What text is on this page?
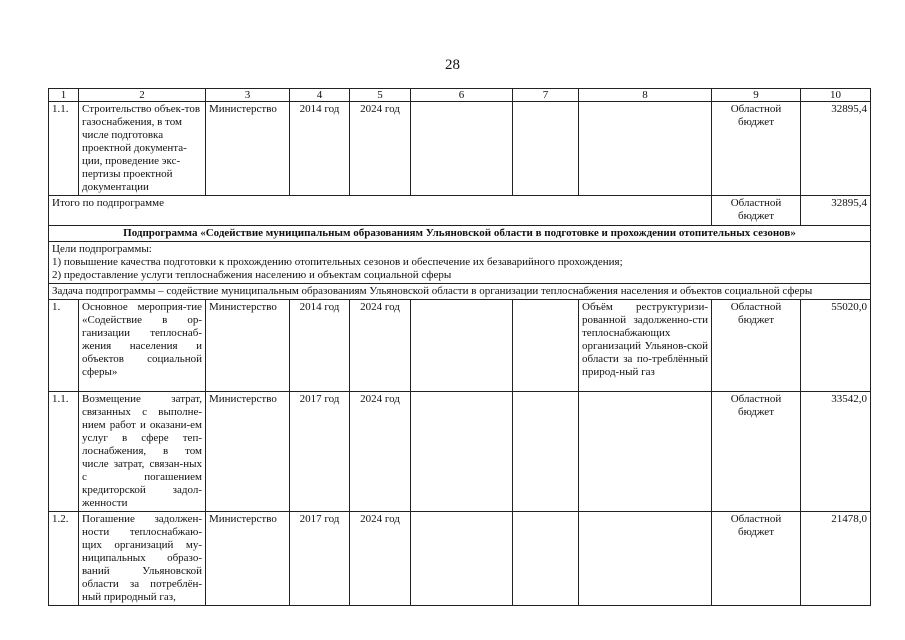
28
1	2	3	4	5	6	7	8	9	10
1.1.	Строительство объек-тов газоснабжения, в том числе подготовка проектной документа-ции, проведение экс-пертизы проектной документации	Министерство	2014 год	2024 год				Областной бюджет	32895,4
Итого по подпрограмме								Областной бюджет	32895,4
Подпрограмма «Содействие муниципальным образованиям Ульяновской области в подготовке и прохождении отопительных сезонов»									

Цели подпрограммы:
1) повышение качества подготовки к прохождению отопительных сезонов и обеспечение их безаварийного прохождения;
2) предоставление услуги теплоснабжения населению и объектам социальной сферы									

Задача подпрограммы – содействие муниципальным образованиям Ульяновской области в организации теплоснабжения населения и объектов социальной сферы									
1.	Основное мероприя-тие «Содействие в ор-ганизации теплоснаб-жения населения и объектов социальной сферы»	Министерство	2014 год	2024 год			Объём реструктуризи-рованной задолженно-сти теплоснабжающих организаций Ульянов-ской области за по-треблённый природ-ный газ	Областной бюджет	55020,0
1.1.	Возмещение затрат, связанных с выполне-нием работ и оказани-ем услуг в сфере теп-лоснабжения, в том числе затрат, связан-ных с погашением кредиторской задол-женности	Министерство	2017 год	2024 год				Областной бюджет	33542,0
1.2.	Погашение задолжен-ности теплоснабжаю-щих организаций му-ниципальных образо-ваний Ульяновской области за потреблён-ный природный газ,	Министерство	2017 год	2024 год				Областной бюджет	21478,0
